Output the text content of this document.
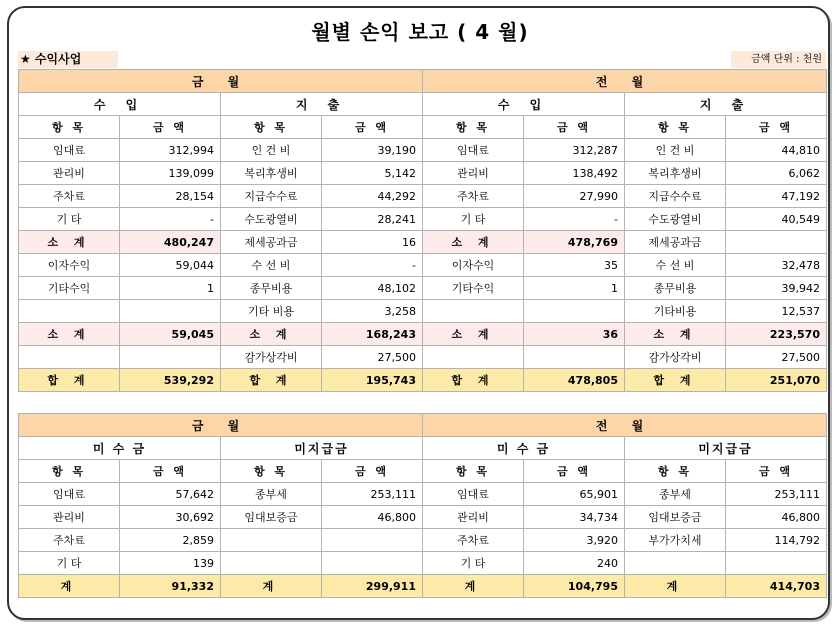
월별 손익 보고 ( 4 월)
★ 수익사업	금액 단위 : 천원
금 월				전 월			
수 입		지 출		수 입		지 출	
항 목	금 액	항 목	금 액	항 목	금 액	항 목	금 액
임대료	312,994	인 건 비	39,190	임대료	312,287	인 건 비	44,810
관리비	139,099	복리후생비	5,142	관리비	138,492	복리후생비	6,062
주차료	28,154	지급수수료	44,292	주차료	27,990	지급수수료	47,192
기 타	-	수도광열비	28,241	기 타	-	수도광열비	40,549
소 계	480,247	제세공과금	16	소 계	478,769	제세공과금	
이자수익	59,044	수 선 비	-	이자수익	35	수 선 비	32,478
기타수익	1	종무비용	48,102	기타수익	1	종무비용	39,942
		기타 비용	3,258			기타비용	12,537
소 계	59,045	소 계	168,243	소 계	36	소 계	223,570
		감가상각비	27,500			감가상각비	27,500
합 계	539,292	합 계	195,743	합 계	478,805	합 계	251,070
금 월				전 월			
미 수 금		미지급금		미 수 금		미지급금	
항 목	금 액	항 목	금 액	항 목	금 액	항 목	금 액
임대료	57,642	종부세	253,111	임대료	65,901	종부세	253,111
관리비	30,692	임대보증금	46,800	관리비	34,734	임대보증금	46,800
주차료	2,859			주차료	3,920	부가가치세	114,792
기 타	139			기 타	240		
계	91,332	계	299,911	계	104,795	계	414,703
